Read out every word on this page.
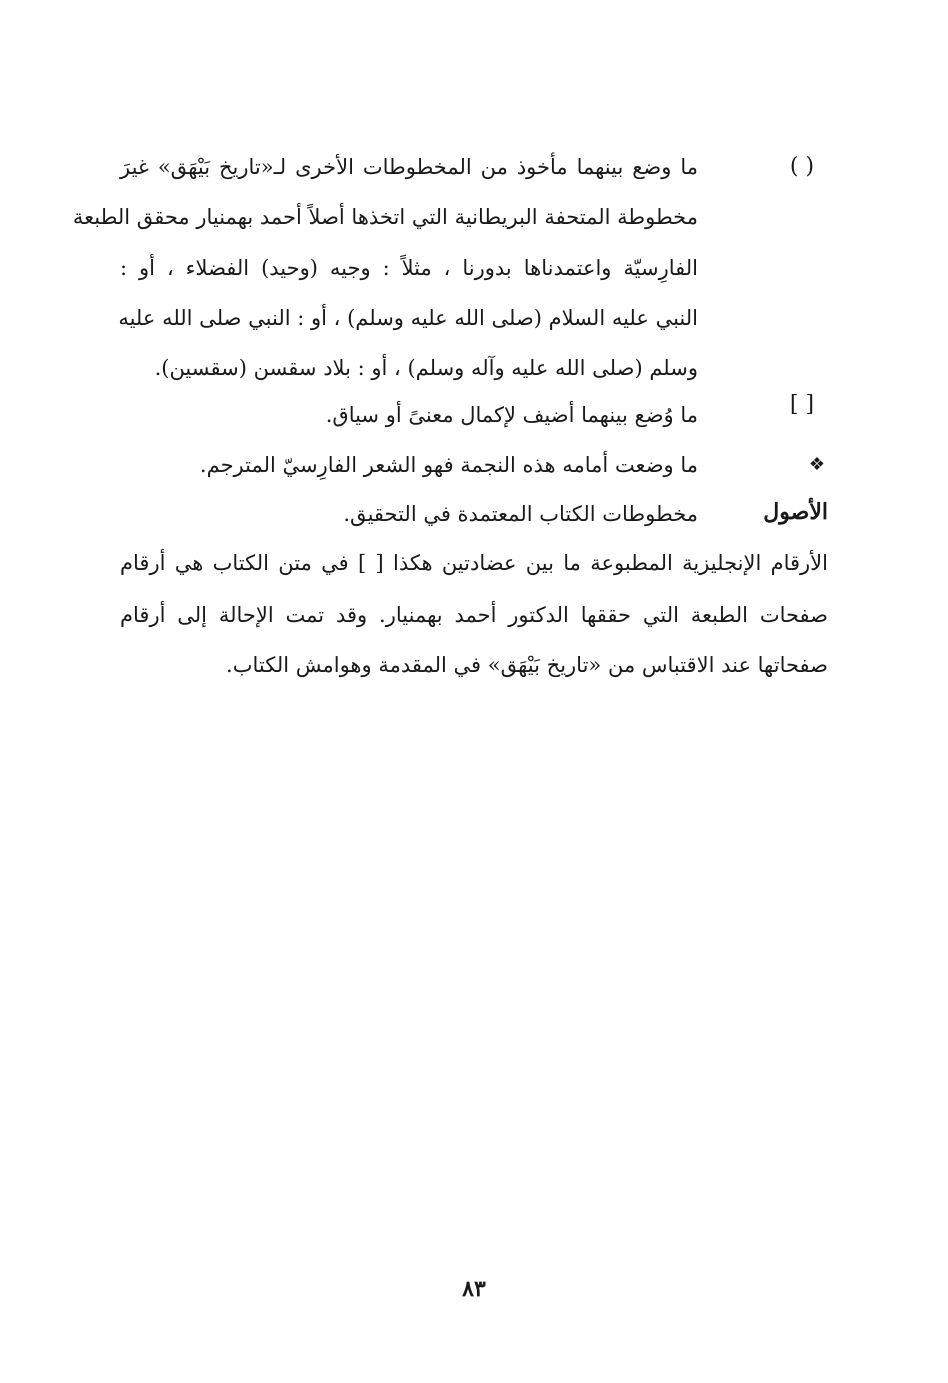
( )
ما وضع بينهما مأخوذ من المخطوطات الأخرى لـ«تاريخ بَيْهَق» غيرَ
مخطوطة المتحفة البريطانية التي اتخذها أصلاً أحمد بهمنيار محقق الطبعة
الفارِسيّة واعتمدناها بدورنا ، مثلاً : وجيه (وحيد) الفضلاء ، أو :
النبي عليه السلام (صلى الله عليه وسلم) ، أو : النبي صلى الله عليه
وسلم (صلى الله عليه وآله وسلم) ، أو : بلاد سقسن (سقسين).
[ ]
ما وُضع بينهما أضيف لإكمال معنىً أو سياق.
❖
ما وضعت أمامه هذه النجمة فهو الشعر الفارِسيّ المترجم.
الأصول
مخطوطات الكتاب المعتمدة في التحقيق.
الأرقام الإنجليزية المطبوعة ما بين عضادتين هكذا [ ] في متن الكتاب هي أرقام
صفحات الطبعة التي حققها الدكتور أحمد بهمنيار. وقد تمت الإحالة إلى أرقام
صفحاتها عند الاقتباس من «تاريخ بَيْهَق» في المقدمة وهوامش الكتاب.
٨٣
